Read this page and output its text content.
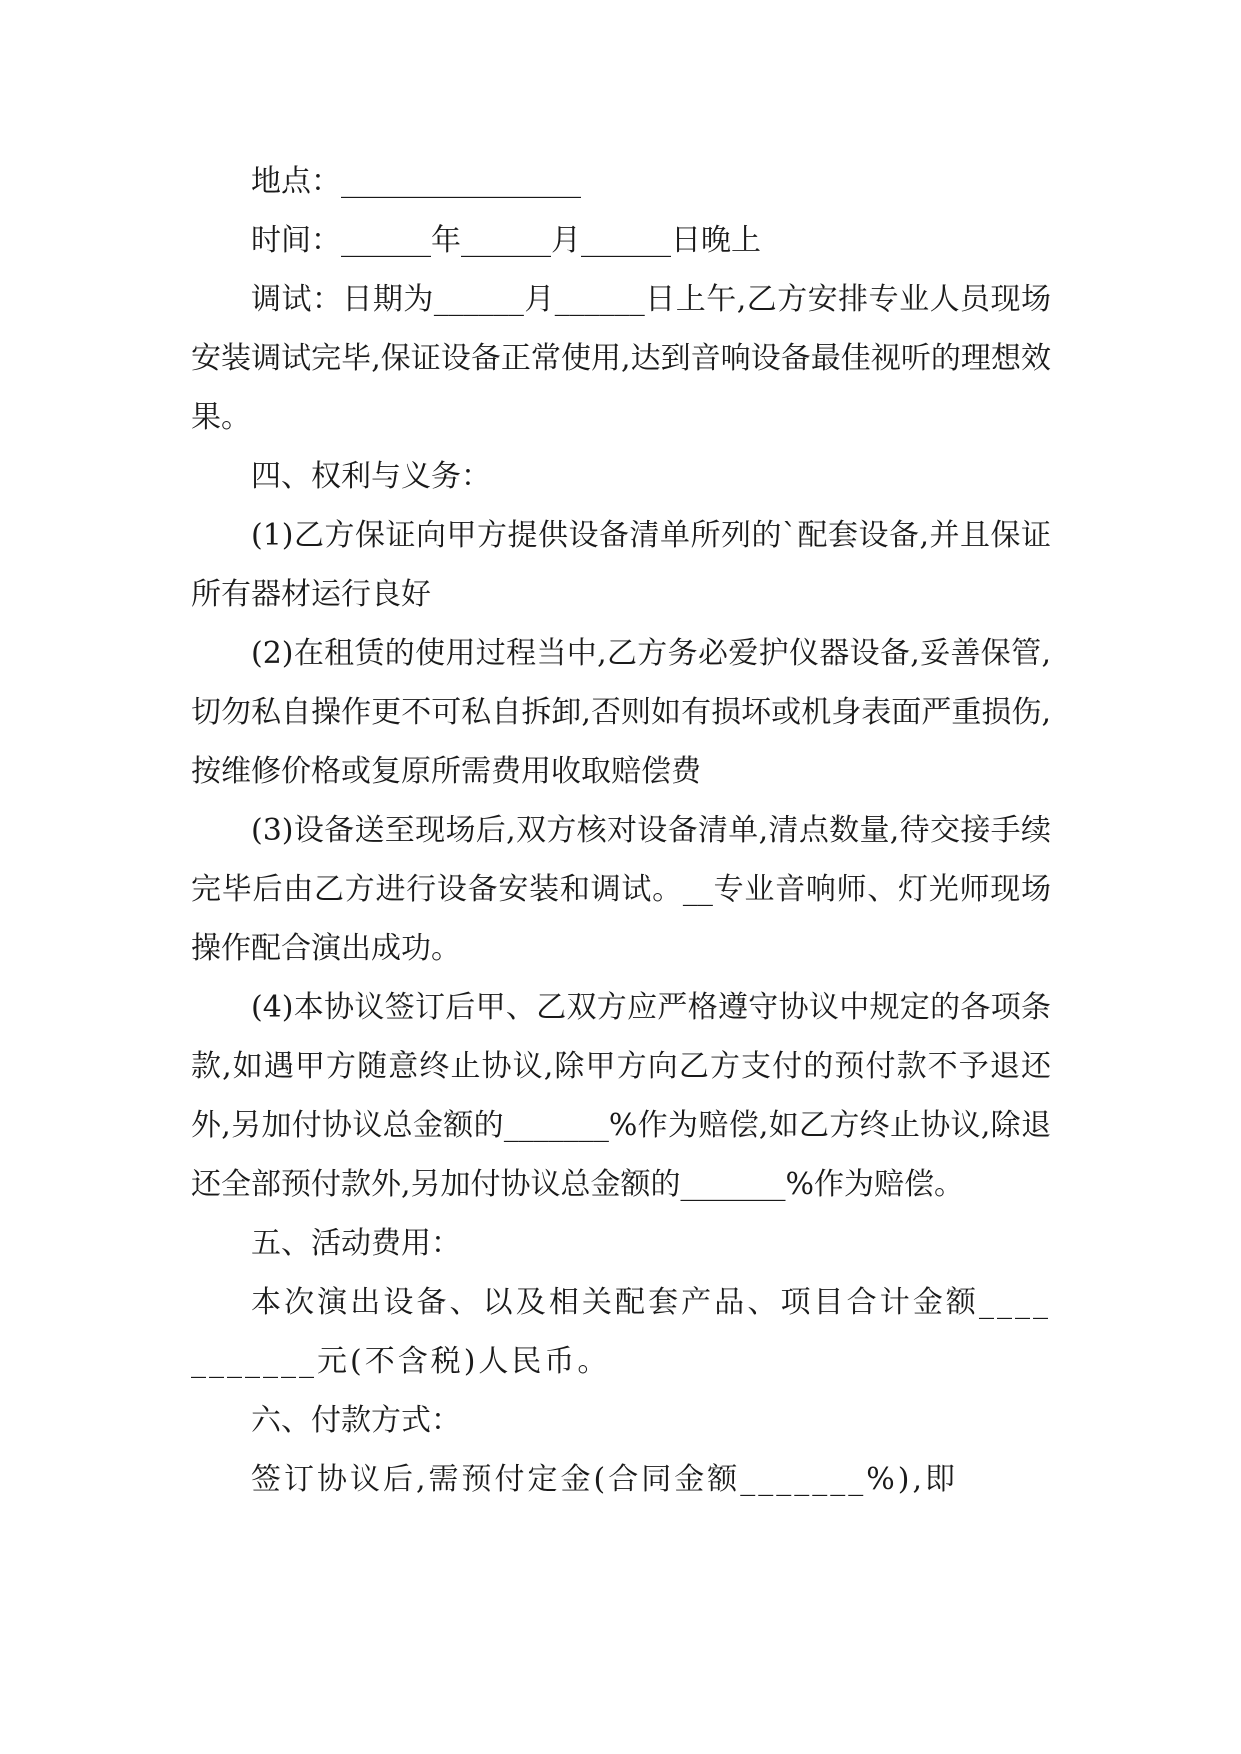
地点：________________

时间：______年______月______日晚上

调试：日期为______月______日上午,乙方安排专业人员现场安装调试完毕,保证设备正常使用,达到音响设备最佳视听的理想效果。

四、权利与义务：

(1)乙方保证向甲方提供设备清单所列的`配套设备,并且保证所有器材运行良好

(2)在租赁的使用过程当中,乙方务必爱护仪器设备,妥善保管,切勿私自操作更不可私自拆卸,否则如有损坏或机身表面严重损伤,按维修价格或复原所需费用收取赔偿费

(3)设备送至现场后,双方核对设备清单,清点数量,待交接手续完毕后由乙方进行设备安装和调试。__专业音响师、灯光师现场操作配合演出成功。

(4)本协议签订后甲、乙双方应严格遵守协议中规定的各项条款,如遇甲方随意终止协议,除甲方向乙方支付的预付款不予退还外,另加付协议总金额的_______%作为赔偿,如乙方终止协议,除退还全部预付款外,另加付协议总金额的_______%作为赔偿。

五、活动费用：

本次演出设备、以及相关配套产品、项目合计金额___________元(不含税)人民币。

六、付款方式：

签订协议后,需预付定金(合同金额_______%),即
